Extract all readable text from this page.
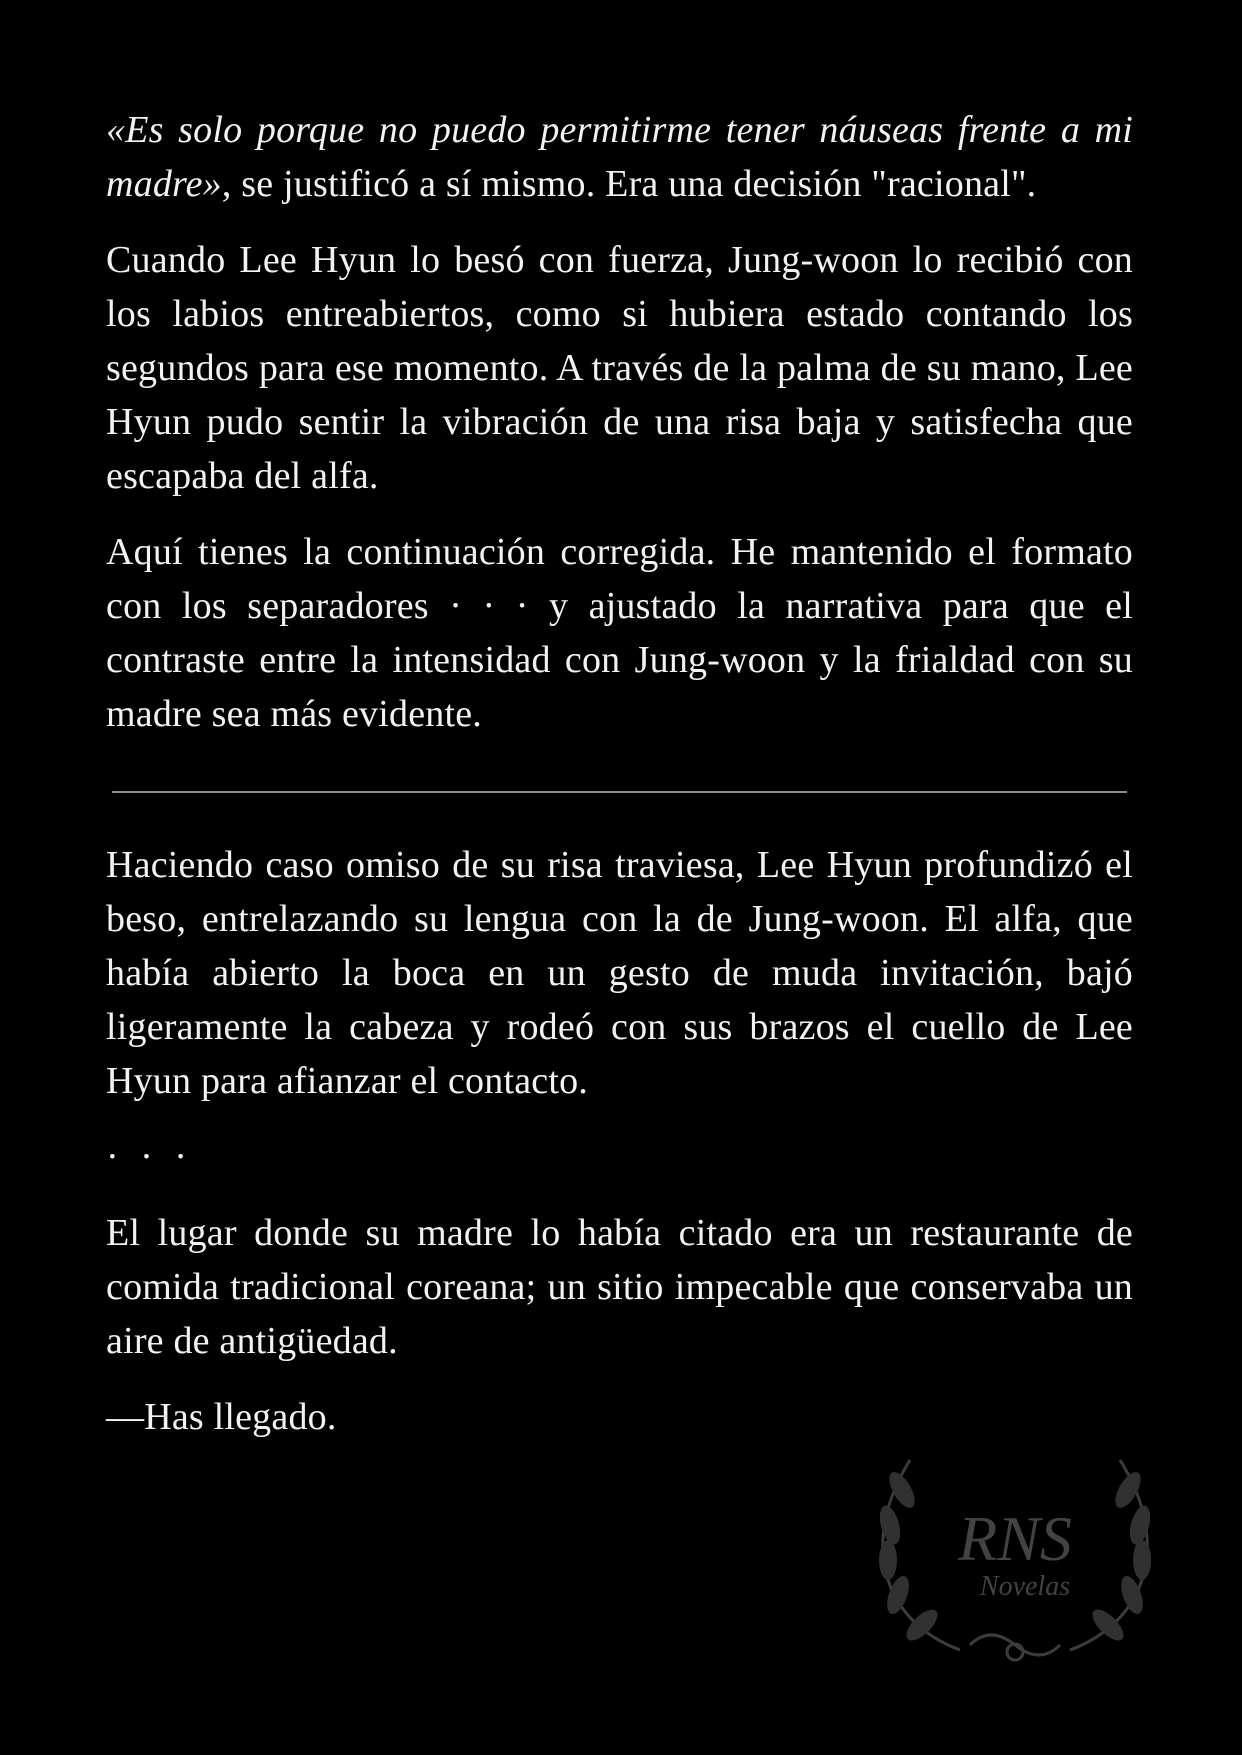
«Es solo porque no puedo permitirme tener náuseas frente a mi madre», se justificó a sí mismo. Era una decisión "racional".

Cuando Lee Hyun lo besó con fuerza, Jung-woon lo recibió con los labios entreabiertos, como si hubiera estado contando los segundos para ese momento. A través de la palma de su mano, Lee Hyun pudo sentir la vibración de una risa baja y satisfecha que escapaba del alfa.

Aquí tienes la continuación corregida. He mantenido el formato con los separadores · · · y ajustado la narrativa para que el contraste entre la intensidad con Jung-woon y la frialdad con su madre sea más evidente.

Haciendo caso omiso de su risa traviesa, Lee Hyun profundizó el beso, entrelazando su lengua con la de Jung-woon. El alfa, que había abierto la boca en un gesto de muda invitación, bajó ligeramente la cabeza y rodeó con sus brazos el cuello de Lee Hyun para afianzar el contacto.

· · ·

El lugar donde su madre lo había citado era un restaurante de comida tradicional coreana; un sitio impecable que conservaba un aire de antigüedad.

—Has llegado.

RNS
Novelas
